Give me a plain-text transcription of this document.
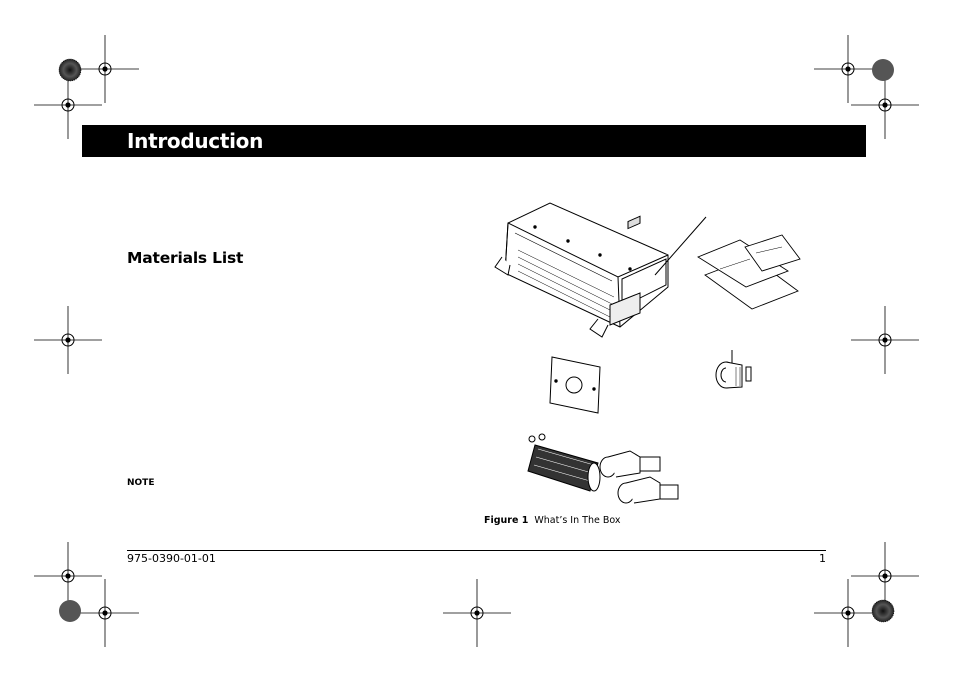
Introduction
Materials List
NOTE
Figure 1 What’s In The Box
975-0390-01-01	1
